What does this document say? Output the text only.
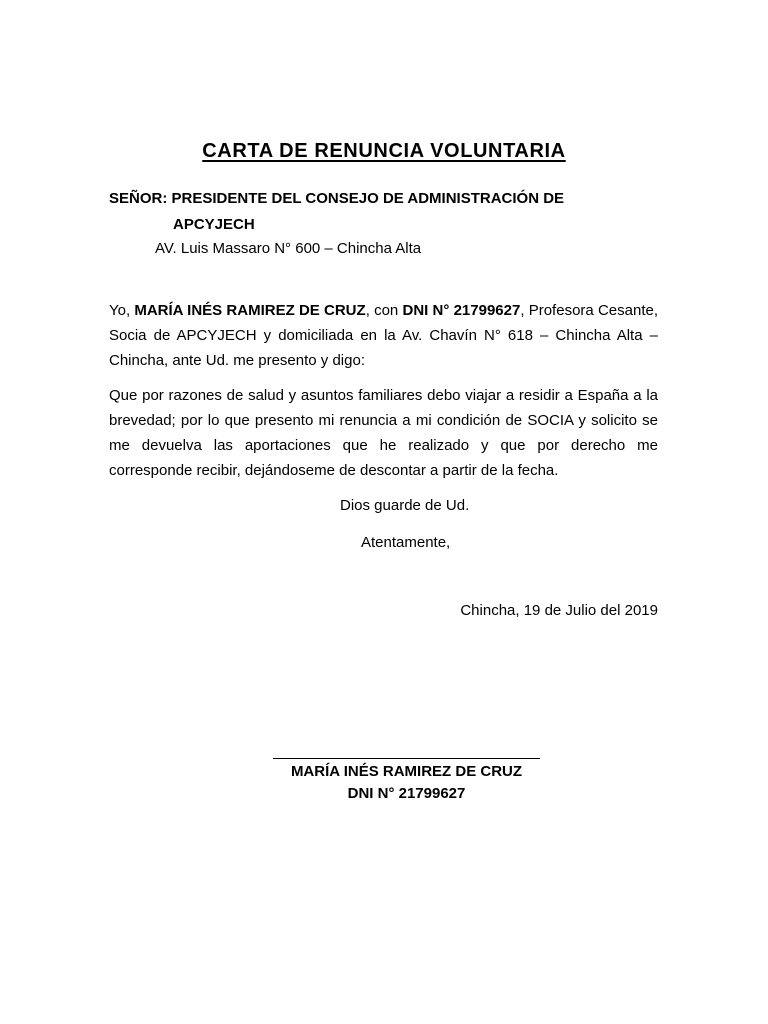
CARTA DE RENUNCIA VOLUNTARIA
SEÑOR: PRESIDENTE DEL CONSEJO DE ADMINISTRACIÓN DE
APCYJECH

AV. Luis Massaro N° 600 – Chincha Alta

Yo, MARÍA INÉS RAMIREZ DE CRUZ, con DNI N° 21799627, Profesora Cesante, Socia de APCYJECH y domiciliada en la Av. Chavín N° 618 – Chincha Alta – Chincha, ante Ud. me presento y digo:

Que por razones de salud y asuntos familiares debo viajar a residir a España a la brevedad; por lo que presento mi renuncia a mi condición de SOCIA y solicito se me devuelva las aportaciones que he realizado y que por derecho me corresponde recibir, dejándoseme de descontar a partir de la fecha.

Dios guarde de Ud.

Atentamente,

Chincha, 19 de Julio del 2019

MARÍA INÉS RAMIREZ DE CRUZ

DNI N° 21799627
